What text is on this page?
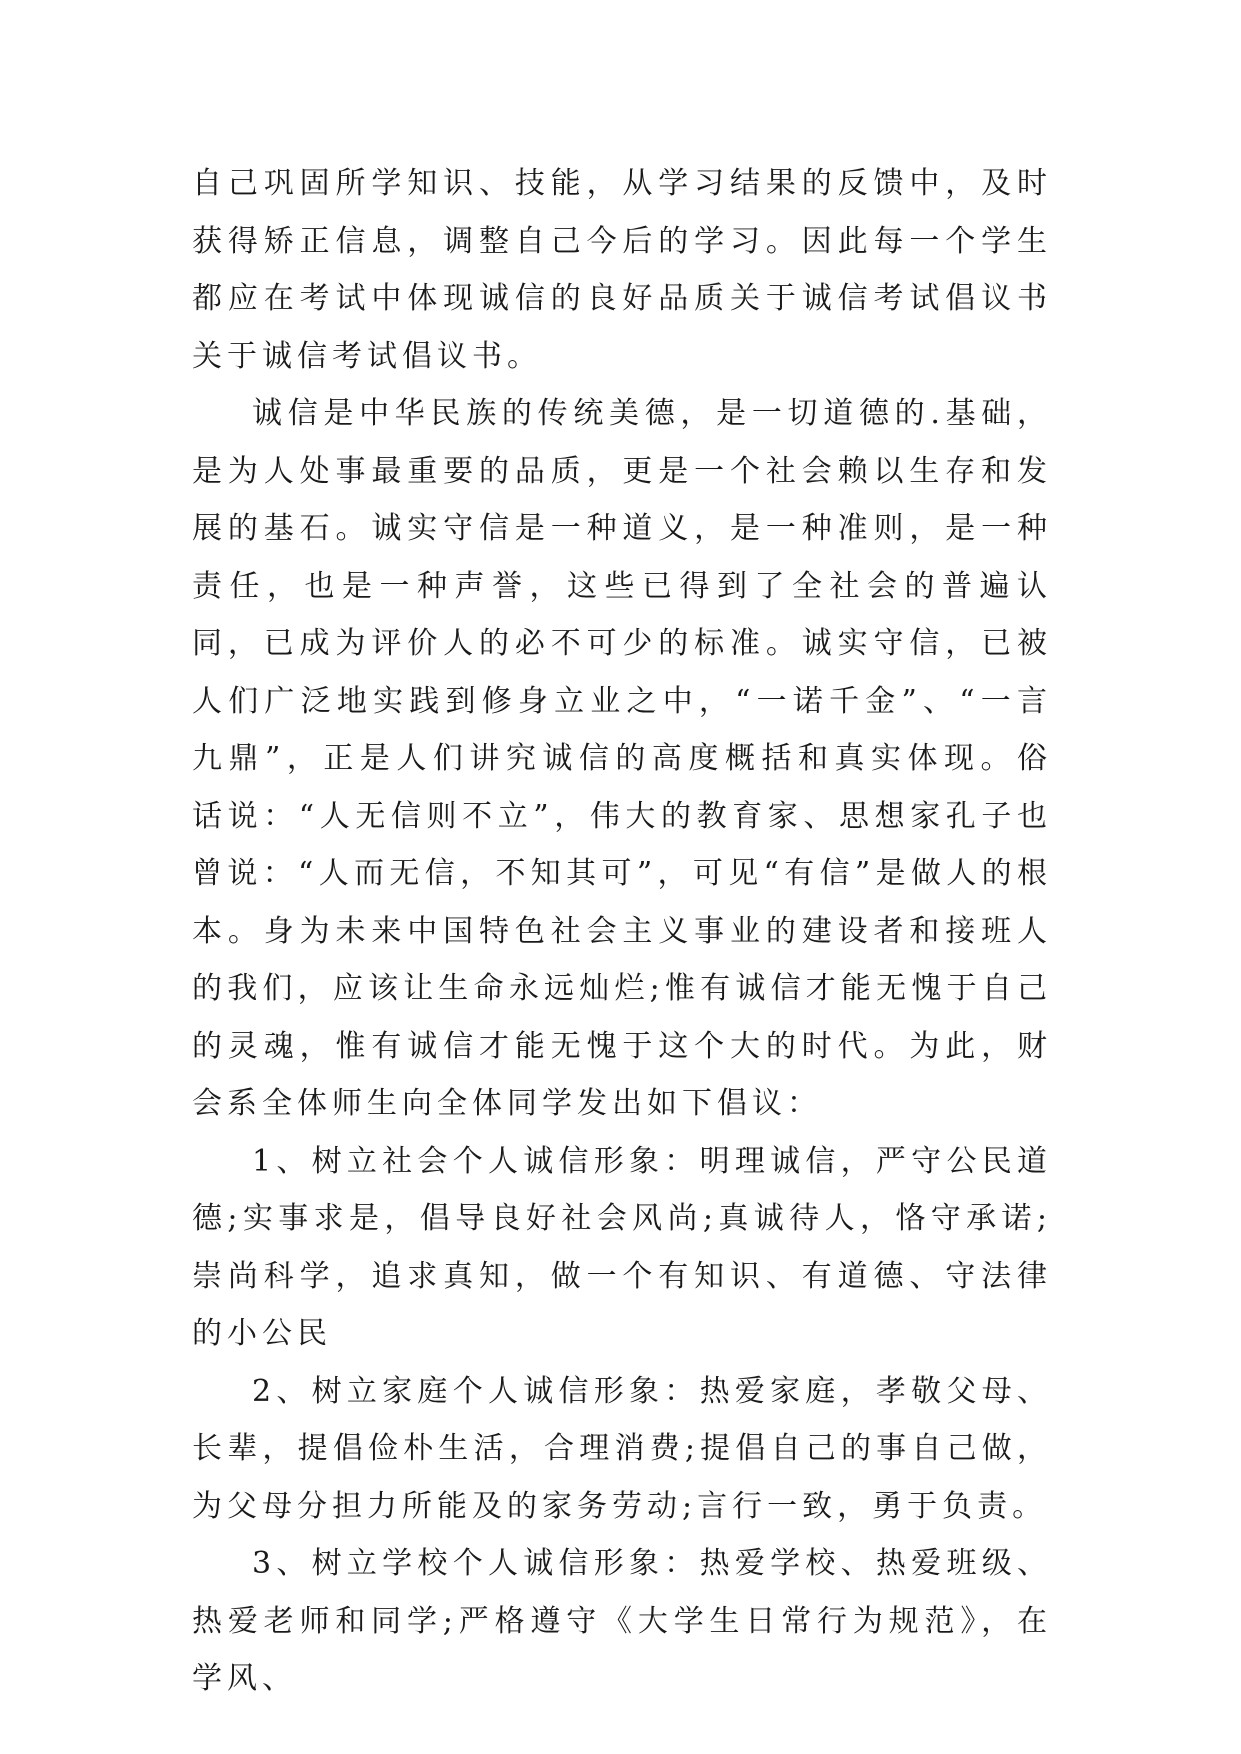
自己巩固所学知识、技能，从学习结果的反馈中，及时获得矫正信息，调整自己今后的学习。因此每一个学生都应在考试中体现诚信的良好品质关于诚信考试倡议书关于诚信考试倡议书。

诚信是中华民族的传统美德，是一切道德的.基础，是为人处事最重要的品质，更是一个社会赖以生存和发展的基石。诚实守信是一种道义，是一种准则，是一种责任，也是一种声誉，这些已得到了全社会的普遍认同，已成为评价人的必不可少的标准。诚实守信，已被人们广泛地实践到修身立业之中，“一诺千金”、“一言九鼎”，正是人们讲究诚信的高度概括和真实体现。俗话说：“人无信则不立”，伟大的教育家、思想家孔子也曾说：“人而无信，不知其可”，可见“有信”是做人的根本。身为未来中国特色社会主义事业的建设者和接班人的我们，应该让生命永远灿烂;惟有诚信才能无愧于自己的灵魂，惟有诚信才能无愧于这个大的时代。为此，财会系全体师生向全体同学发出如下倡议：

1、树立社会个人诚信形象：明理诚信，严守公民道德;实事求是，倡导良好社会风尚;真诚待人，恪守承诺;崇尚科学，追求真知，做一个有知识、有道德、守法律的小公民

2、树立家庭个人诚信形象：热爱家庭，孝敬父母、长辈，提倡俭朴生活，合理消费;提倡自己的事自己做，为父母分担力所能及的家务劳动;言行一致，勇于负责。

3、树立学校个人诚信形象：热爱学校、热爱班级、热爱老师和同学;严格遵守《大学生日常行为规范》，在学风、
